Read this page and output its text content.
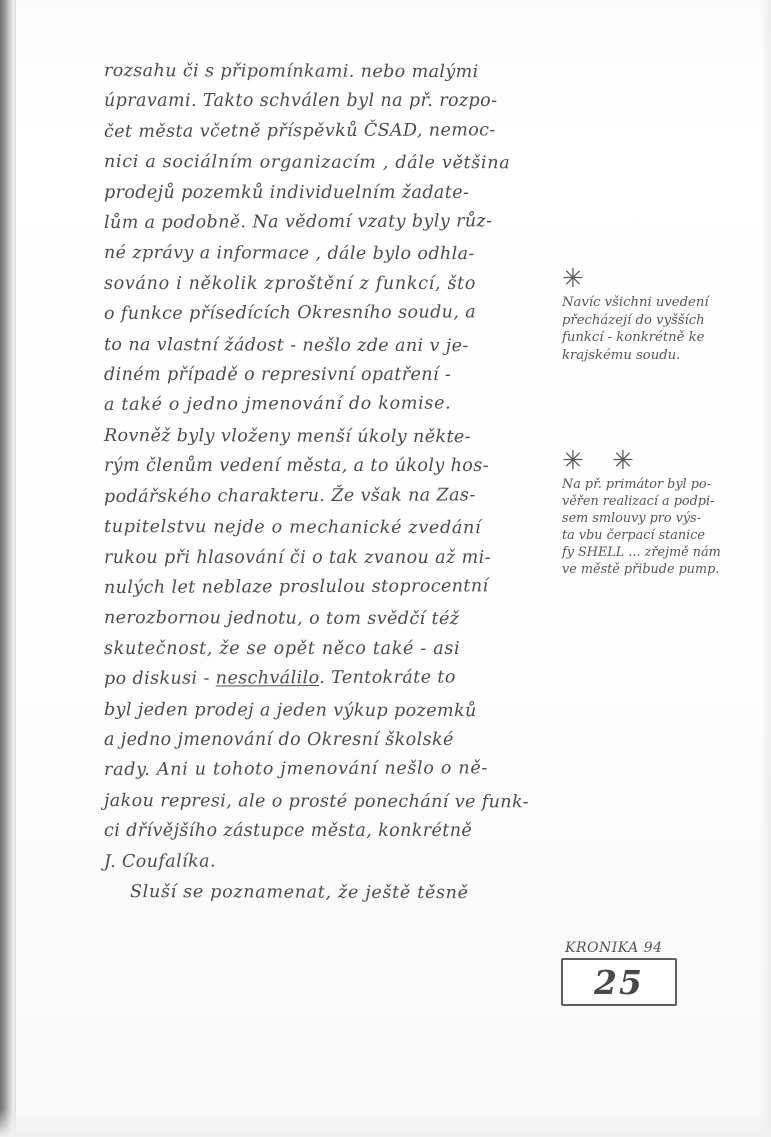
rozsahu či s připomínkami. nebo malými
úpravami. Takto schválen byl na př. rozpo-
čet města včetně příspěvků ČSAD, nemoc-
nici a sociálním organizacím , dále většina
prodejů pozemků individuelním žadate-
lům a podobně. Na vědomí vzaty byly růz-
né zprávy a informace , dále bylo odhla-
sováno i několik zproštění z funkcí, što
o funkce přísedících Okresního soudu, a
to na vlastní žádost - nešlo zde ani v je-
diném případě o represivní opatření -
a také o jedno jmenování do komise.
Rovněž byly vloženy menší úkoly někte-
rým členům vedení města, a to úkoly hos-
podářského charakteru. Že však na Zas-
tupitelstvu nejde o mechanické zvedání
rukou při hlasování či o tak zvanou až mi-
nulých let neblaze proslulou stoprocentní
nerozbornou jednotu, o tom svědčí též
skutečnost, že se opět něco také - asi
po diskusi - neschválilo. Tentokráte to
byl jeden prodej a jeden výkup pozemků
a jedno jmenování do Okresní školské
rady. Ani u tohoto jmenování nešlo o ně-
jakou represi, ale o prosté ponechání ve funk-
ci dřívějšího zástupce města, konkrétně
J. Coufalíka.
Sluší se poznamenat, že ještě těsně
✳
Navíc všichni uvedení
přecházejí do vyšších
funkcí - konkrétně ke
krajskému soudu.
✳ ✳
Na př. primátor byl po-
věřen realizací a podpi-
sem smlouvy pro výs-
ta vbu čerpací stanice
fy SHELL ... zřejmě nám
ve městě přibude pump.
KRONIKA 94
25
